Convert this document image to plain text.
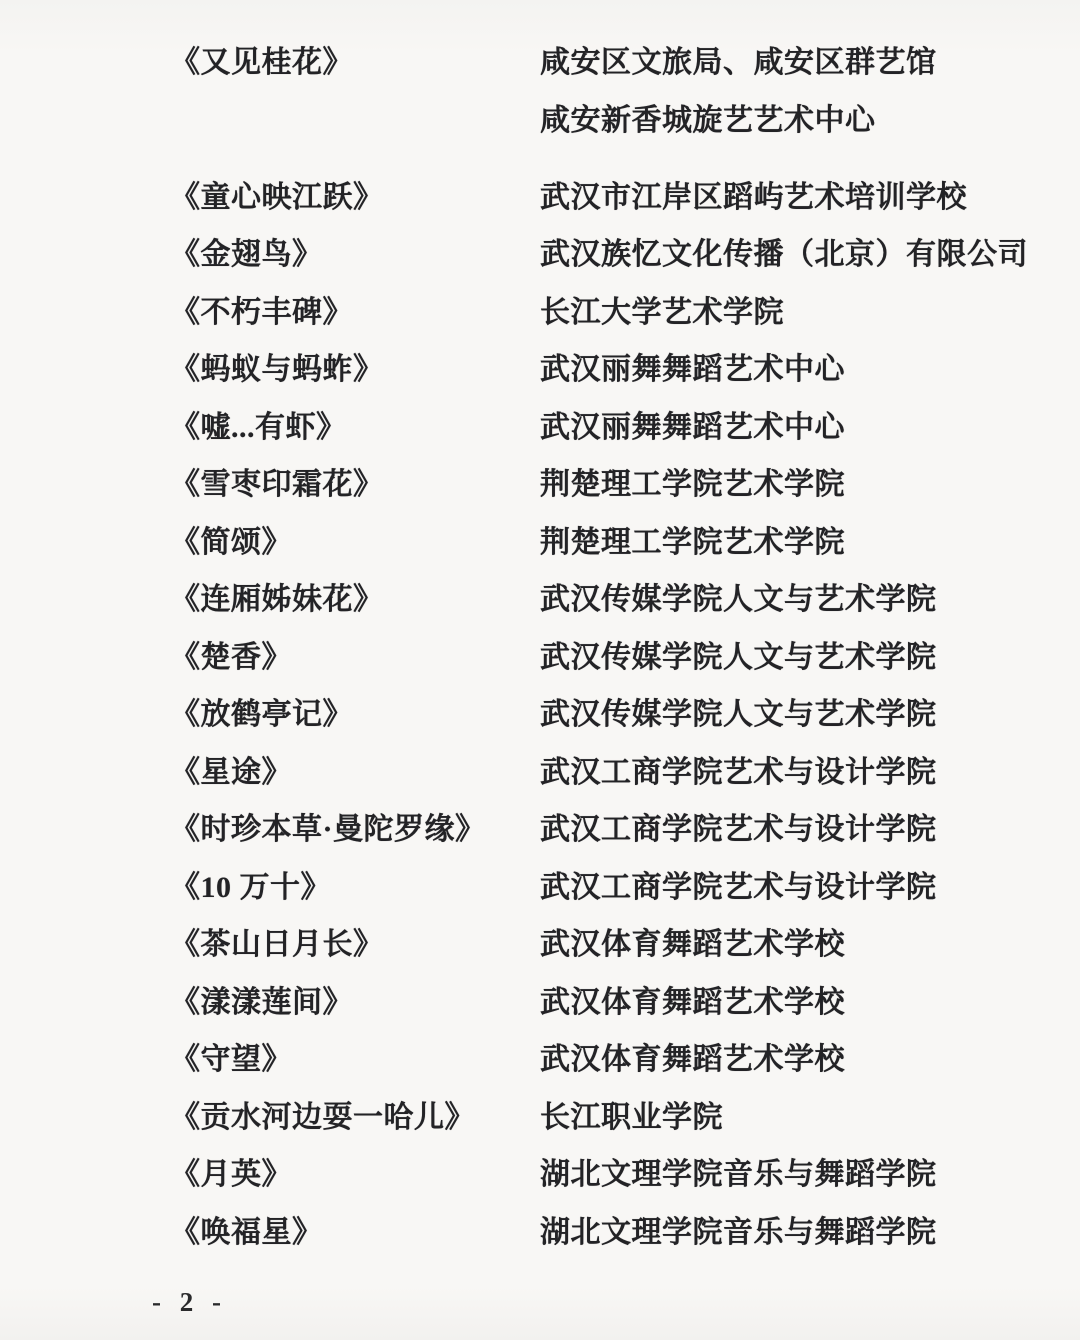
《又见桂花》	咸安区文旅局、咸安区群艺馆
咸安新香城旋艺艺术中心
《童心映江跃》	武汉市江岸区蹈屿艺术培训学校
《金翅鸟》	武汉族忆文化传播（北京）有限公司
《不朽丰碑》	长江大学艺术学院
《蚂蚁与蚂蚱》	武汉丽舞舞蹈艺术中心
《嘘...有虾》	武汉丽舞舞蹈艺术中心
《雪枣印霜花》	荆楚理工学院艺术学院
《简颂》	荆楚理工学院艺术学院
《连厢姊妹花》	武汉传媒学院人文与艺术学院
《楚香》	武汉传媒学院人文与艺术学院
《放鹤亭记》	武汉传媒学院人文与艺术学院
《星途》	武汉工商学院艺术与设计学院
《时珍本草·曼陀罗缘》	武汉工商学院艺术与设计学院
《10 万十》	武汉工商学院艺术与设计学院
《茶山日月长》	武汉体育舞蹈艺术学校
《漾漾莲间》	武汉体育舞蹈艺术学校
《守望》	武汉体育舞蹈艺术学校
《贡水河边耍一哈儿》	长江职业学院
《月英》	湖北文理学院音乐与舞蹈学院
《唤福星》	湖北文理学院音乐与舞蹈学院
- 2 -
